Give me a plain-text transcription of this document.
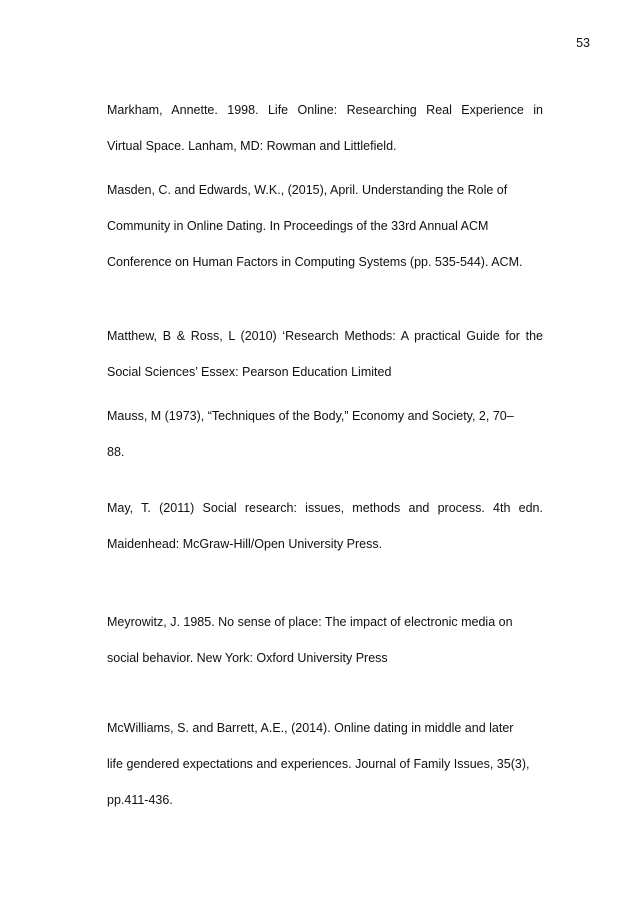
53
Markham, Annette. 1998. Life Online: Researching Real Experience in
Virtual Space. Lanham, MD: Rowman and Littlefield.
Masden, C. and Edwards, W.K., (2015), April. Understanding the Role of
Community in Online Dating. In Proceedings of the 33rd Annual ACM
Conference on Human Factors in Computing Systems (pp. 535-544). ACM.
Matthew, B & Ross, L (2010) ‘Research Methods: A practical Guide for the
Social Sciences’ Essex: Pearson Education Limited
Mauss, M (1973), “Techniques of the Body,” Economy and Society, 2, 70–
88.
May, T. (2011) Social research: issues, methods and process. 4th edn.
Maidenhead: McGraw-Hill/Open University Press.
Meyrowitz, J. 1985. No sense of place: The impact of electronic media on
social behavior. New York: Oxford University Press
McWilliams, S. and Barrett, A.E., (2014). Online dating in middle and later
life gendered expectations and experiences. Journal of Family Issues, 35(3),
pp.411-436.
